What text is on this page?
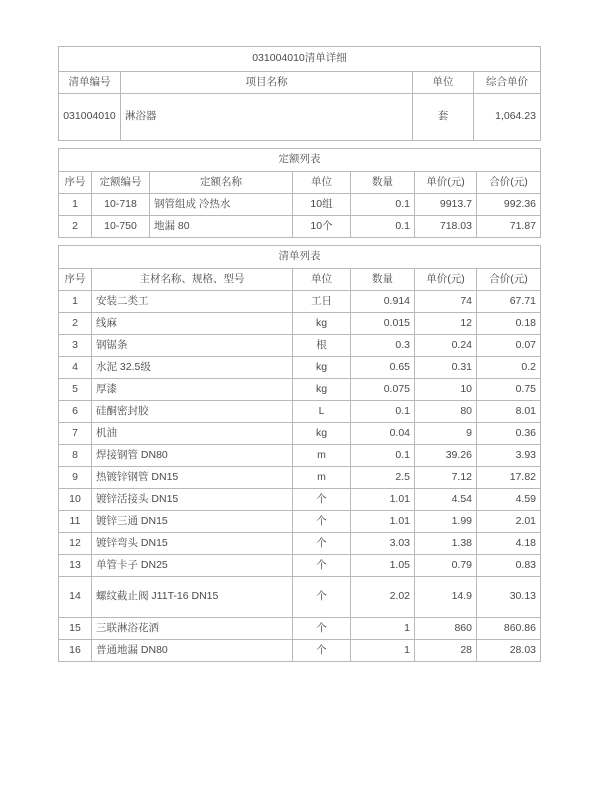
031004010清单详细			
清单编号	项目名称	单位	综合单价
031004010	淋浴器	套	1,064.23
定额列表						
序号	定额编号	定额名称	单位	数量	单价(元)	合价(元)
1	10-718	钢管组成 冷热水	10组	0.1	9913.7	992.36
2	10-750	地漏 80	10个	0.1	718.03	71.87
清单列表					
序号	主材名称、规格、型号	单位	数量	单价(元)	合价(元)
1	安装二类工	工日	0.914	74	67.71
2	线麻	kg	0.015	12	0.18
3	钢锯条	根	0.3	0.24	0.07
4	水泥 32.5级	kg	0.65	0.31	0.2
5	厚漆	kg	0.075	10	0.75
6	硅酮密封胶	L	0.1	80	8.01
7	机油	kg	0.04	9	0.36
8	焊接钢管 DN80	m	0.1	39.26	3.93
9	热镀锌钢管 DN15	m	2.5	7.12	17.82
10	镀锌活接头 DN15	个	1.01	4.54	4.59
11	镀锌三通 DN15	个	1.01	1.99	2.01
12	镀锌弯头 DN15	个	3.03	1.38	4.18
13	单管卡子 DN25	个	1.05	0.79	0.83
14	螺纹截止阀 J11T-16 DN15	个	2.02	14.9	30.13
15	三联淋浴花洒	个	1	860	860.86
16	普通地漏 DN80	个	1	28	28.03
